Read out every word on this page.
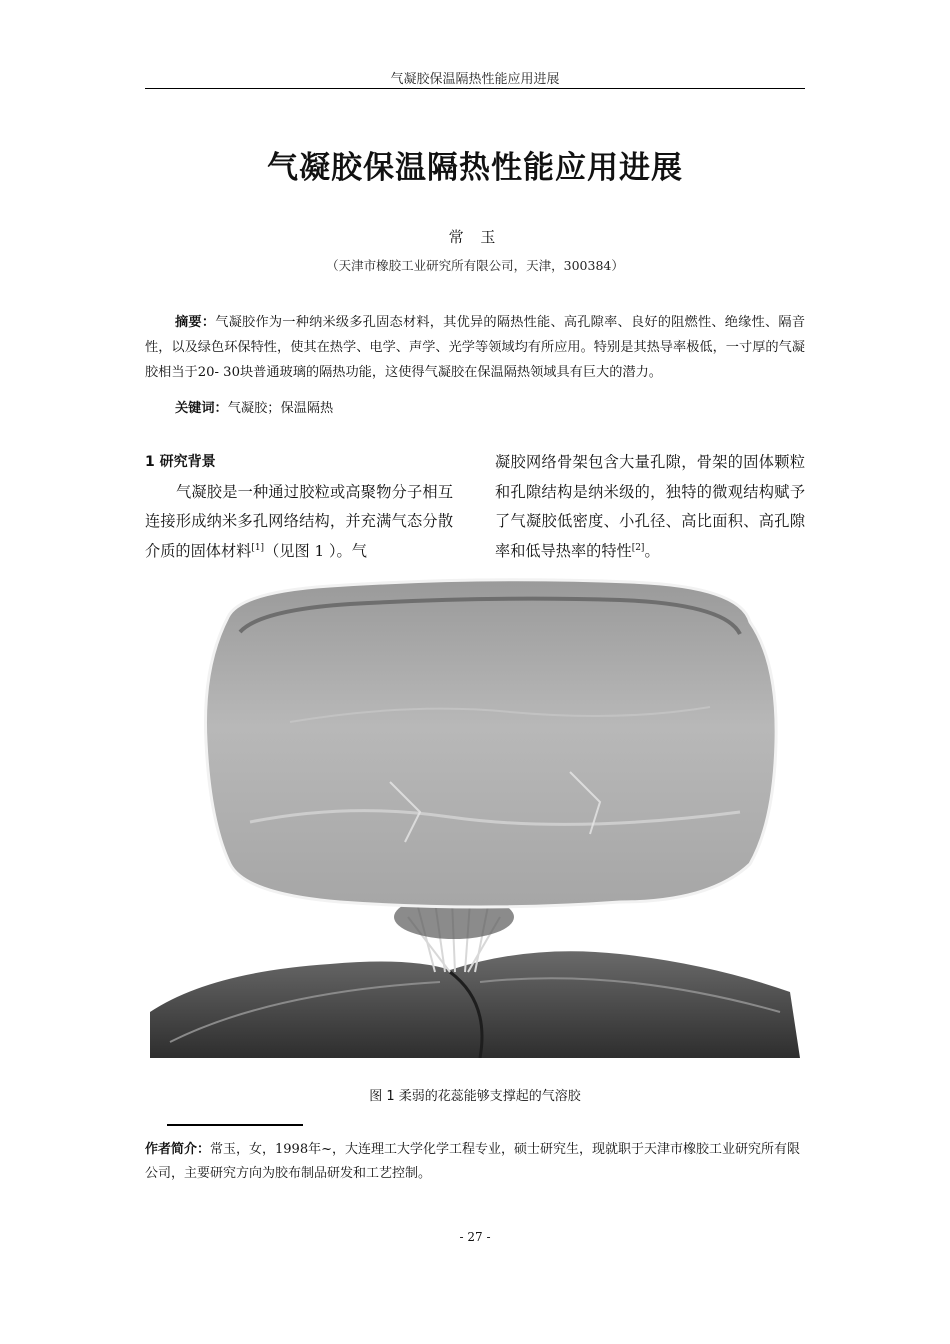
气凝胶保温隔热性能应用进展
气凝胶保温隔热性能应用进展
常 玉
（天津市橡胶工业研究所有限公司，天津，300384）

摘要：气凝胶作为一种纳米级多孔固态材料，其优异的隔热性能、高孔隙率、良好的阻燃性、绝缘性、隔音性，以及绿色环保特性，使其在热学、电学、声学、光学等领域均有所应用。特别是其热导率极低，一寸厚的气凝胶相当于20- 30块普通玻璃的隔热功能，这使得气凝胶在保温隔热领域具有巨大的潜力。

关键词：气凝胶；保温隔热

1 研究背景

气凝胶是一种通过胶粒或高聚物分子相互连接形成纳米多孔网络结构，并充满气态分散介质的固体材料[1]（见图 1 ）。气

凝胶网络骨架包含大量孔隙，骨架的固体颗粒和孔隙结构是纳米级的，独特的微观结构赋予了气凝胶低密度、小孔径、高比面积、高孔隙率和低导热率的特性[2]。

图 1 柔弱的花蕊能够支撑起的气溶胶
作者简介：常玉，女，1998年~，大连理工大学化学工程专业，硕士研究生，现就职于天津市橡胶工业研究所有限公司，主要研究方向为胶布制品研发和工艺控制。
- 27 -
